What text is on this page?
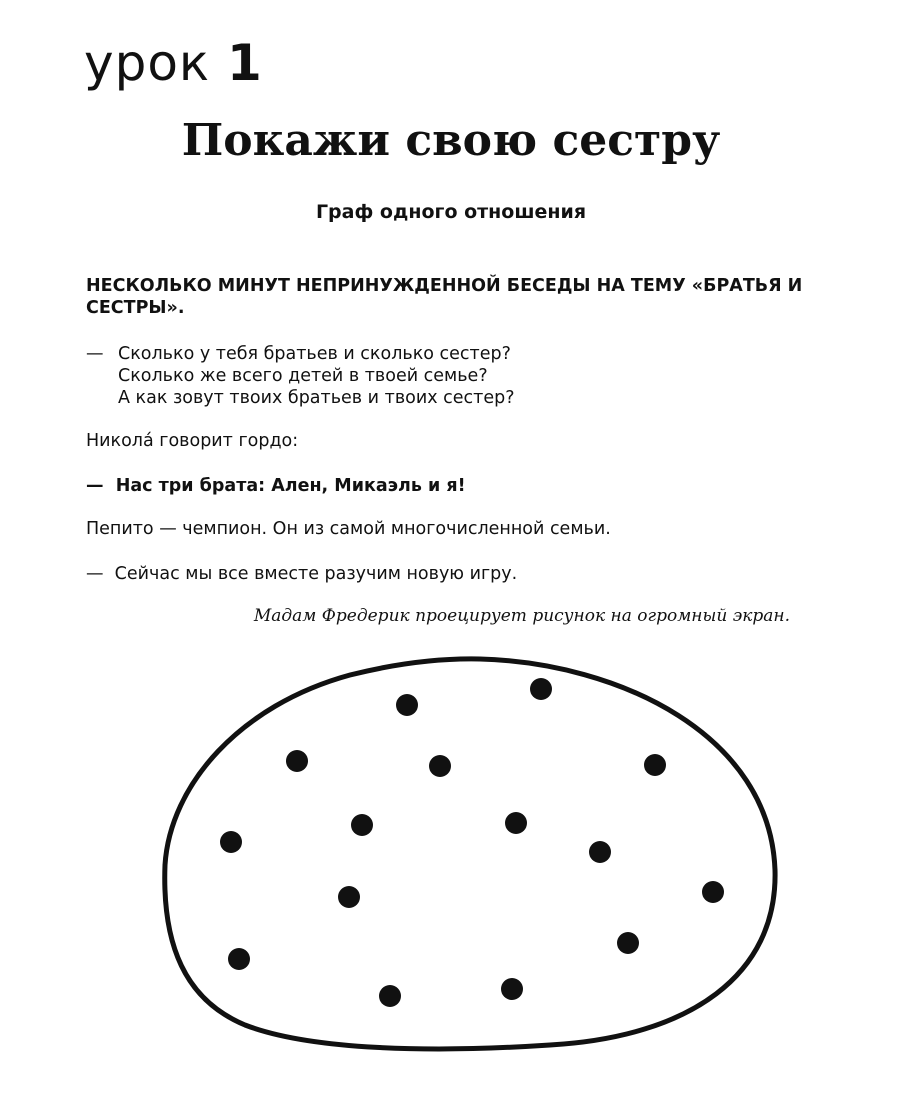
урок 1
Покажи свою сестру
Граф одного отношения
НЕСКОЛЬКО МИНУТ НЕПРИНУЖДЕННОЙ БЕСЕДЫ НА ТЕМУ «БРАТЬЯ И СЕСТРЫ».
— Сколько у тебя братьев и сколько сестер?
Сколько же всего детей в твоей семье?
А как зовут твоих братьев и твоих сестер?
Никола́ говорит гордо:
— Нас три брата: Ален, Микаэль и я!
Пепито — чемпион. Он из самой многочисленной семьи.
— Сейчас мы все вместе разучим новую игру.
Мадам Фредерик проецирует рисунок на огромный экран.
